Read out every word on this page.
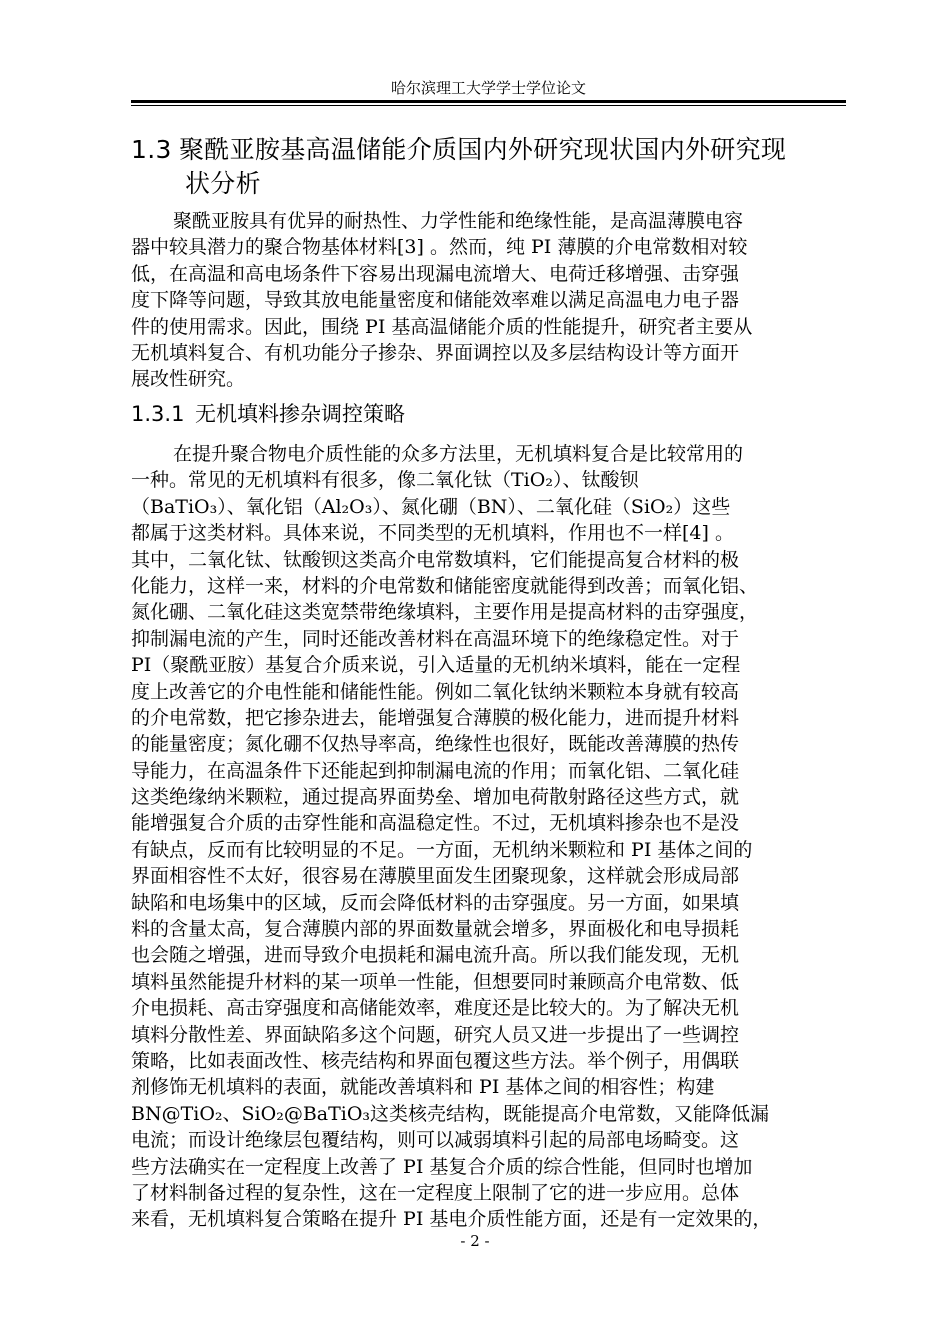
哈尔滨理工大学学士学位论文
1.3 聚酰亚胺基高温储能介质国内外研究现状国内外研究现
状分析
聚酰亚胺具有优异的耐热性、力学性能和绝缘性能，是高温薄膜电容
器中较具潜力的聚合物基体材料[3] 。然而，纯 PI 薄膜的介电常数相对较
低，在高温和高电场条件下容易出现漏电流增大、电荷迁移增强、击穿强
度下降等问题，导致其放电能量密度和储能效率难以满足高温电力电子器
件的使用需求。因此，围绕 PI 基高温储能介质的性能提升，研究者主要从
无机填料复合、有机功能分子掺杂、界面调控以及多层结构设计等方面开
展改性研究。
1.3.1 无机填料掺杂调控策略
在提升聚合物电介质性能的众多方法里，无机填料复合是比较常用的
一种。常见的无机填料有很多，像二氧化钛（TiO₂）、钛酸钡
（BaTiO₃）、氧化铝（Al₂O₃）、氮化硼（BN）、二氧化硅（SiO₂）这些
都属于这类材料。具体来说，不同类型的无机填料，作用也不一样[4] 。
其中，二氧化钛、钛酸钡这类高介电常数填料，它们能提高复合材料的极
化能力，这样一来，材料的介电常数和储能密度就能得到改善；而氧化铝、
氮化硼、二氧化硅这类宽禁带绝缘填料，主要作用是提高材料的击穿强度，
抑制漏电流的产生，同时还能改善材料在高温环境下的绝缘稳定性。对于
PI（聚酰亚胺）基复合介质来说，引入适量的无机纳米填料，能在一定程
度上改善它的介电性能和储能性能。例如二氧化钛纳米颗粒本身就有较高
的介电常数，把它掺杂进去，能增强复合薄膜的极化能力，进而提升材料
的能量密度；氮化硼不仅热导率高，绝缘性也很好，既能改善薄膜的热传
导能力，在高温条件下还能起到抑制漏电流的作用；而氧化铝、二氧化硅
这类绝缘纳米颗粒，通过提高界面势垒、增加电荷散射路径这些方式，就
能增强复合介质的击穿性能和高温稳定性。不过，无机填料掺杂也不是没
有缺点，反而有比较明显的不足。一方面，无机纳米颗粒和 PI 基体之间的
界面相容性不太好，很容易在薄膜里面发生团聚现象，这样就会形成局部
缺陷和电场集中的区域，反而会降低材料的击穿强度。另一方面，如果填
料的含量太高，复合薄膜内部的界面数量就会增多，界面极化和电导损耗
也会随之增强，进而导致介电损耗和漏电流升高。所以我们能发现，无机
填料虽然能提升材料的某一项单一性能，但想要同时兼顾高介电常数、低
介电损耗、高击穿强度和高储能效率，难度还是比较大的。为了解决无机
填料分散性差、界面缺陷多这个问题，研究人员又进一步提出了一些调控
策略，比如表面改性、核壳结构和界面包覆这些方法。举个例子，用偶联
剂修饰无机填料的表面，就能改善填料和 PI 基体之间的相容性；构建
BN@TiO₂、SiO₂@BaTiO₃这类核壳结构，既能提高介电常数，又能降低漏
电流；而设计绝缘层包覆结构，则可以减弱填料引起的局部电场畸变。这
些方法确实在一定程度上改善了 PI 基复合介质的综合性能，但同时也增加
了材料制备过程的复杂性，这在一定程度上限制了它的进一步应用。总体
来看，无机填料复合策略在提升 PI 基电介质性能方面，还是有一定效果的，
- 2 -
